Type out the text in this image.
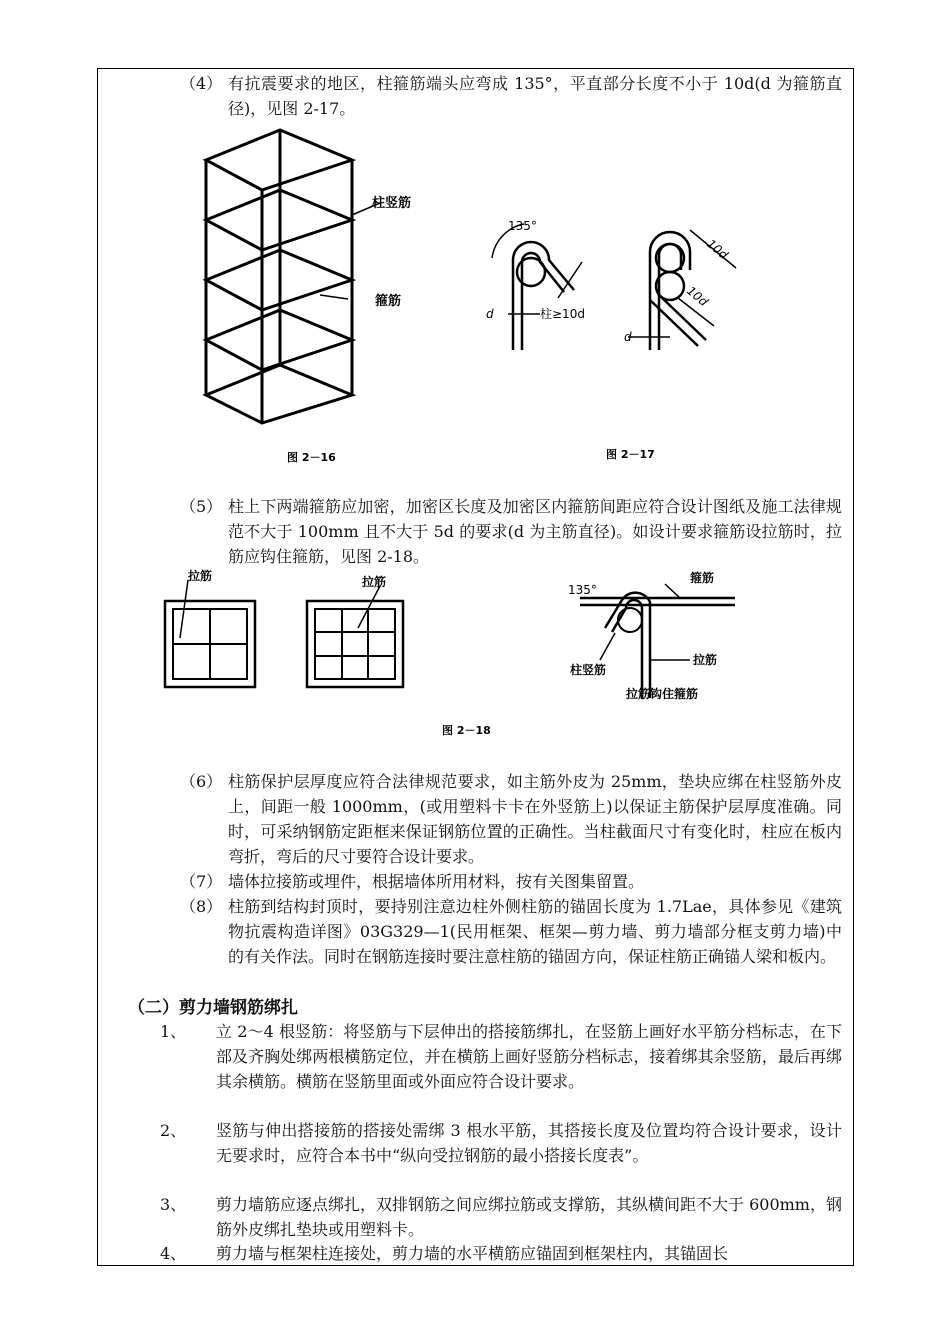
（4） 有抗震要求的地区，柱箍筋端头应弯成 135°，平直部分长度不小于 10d(d 为箍筋直径)，见图 2-17。
柱竖筋
箍筋
图 2－16
135°
d	柱≥10d
10d
10d
d
图 2－17
（5） 柱上下两端箍筋应加密，加密区长度及加密区内箍筋间距应符合设计图纸及施工法律规范不大于 100mm 且不大于 5d 的要求(d 为主筋直径)。如设计要求箍筋设拉筋时，拉筋应钩住箍筋，见图 2-18。
拉筋	拉筋
135°
箍筋
拉筋
柱竖筋
拉筋钩住箍筋
图 2－18
（6） 柱筋保护层厚度应符合法律规范要求，如主筋外皮为 25mm，垫块应绑在柱竖筋外皮上，间距一般 1000mm，(或用塑料卡卡在外竖筋上)以保证主筋保护层厚度准确。同时，可采纳钢筋定距框来保证钢筋位置的正确性。当柱截面尺寸有变化时，柱应在板内弯折，弯后的尺寸要符合设计要求。
（7） 墙体拉接筋或埋件，根据墙体所用材料，按有关图集留置。
（8） 柱筋到结构封顶时，要持别注意边柱外侧柱筋的锚固长度为 1.7Lae，具体参见《建筑物抗震构造详图》03G329—1(民用框架、框架—剪力墙、剪力墙部分框支剪力墙)中的有关作法。同时在钢筋连接时要注意柱筋的锚固方向，保证柱筋正确锚人梁和板内。
（二）剪力墙钢筋绑扎
1、 立 2～4 根竖筋：将竖筋与下层伸出的搭接筋绑扎，在竖筋上画好水平筋分档标志，在下部及齐胸处绑两根横筋定位，并在横筋上画好竖筋分档标志，接着绑其余竖筋，最后再绑其余横筋。横筋在竖筋里面或外面应符合设计要求。
2、 竖筋与伸出搭接筋的搭接处需绑 3 根水平筋，其搭接长度及位置均符合设计要求，设计无要求时，应符合本书中“纵向受拉钢筋的最小搭接长度表”。
3、 剪力墙筋应逐点绑扎，双排钢筋之间应绑拉筋或支撑筋，其纵横间距不大于 600mm，钢筋外皮绑扎垫块或用塑料卡。
4、 剪力墙与框架柱连接处，剪力墙的水平横筋应锚固到框架柱内，其锚固长
